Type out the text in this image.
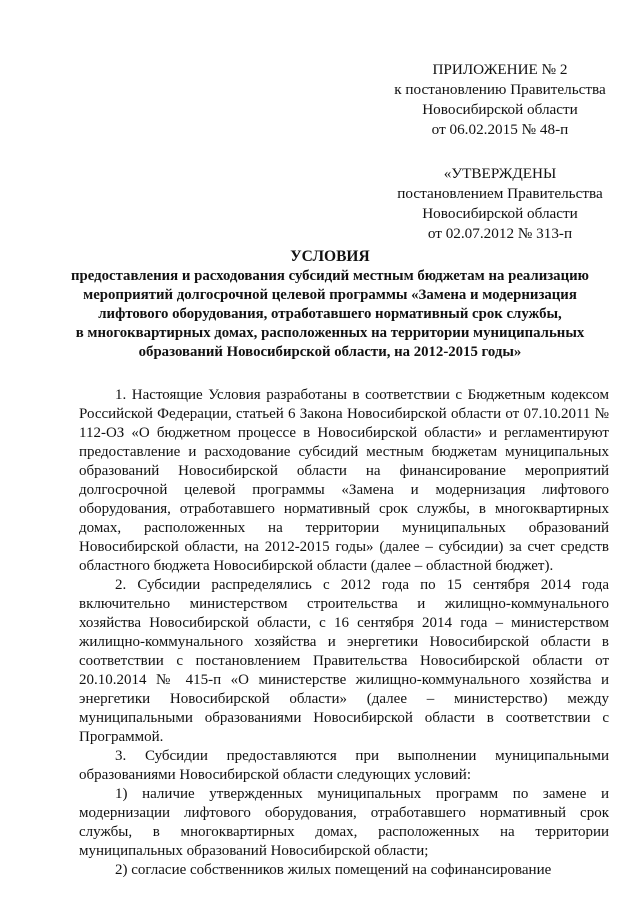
ПРИЛОЖЕНИЕ № 2
к постановлению Правительства
Новосибирской области
от 06.02.2015 № 48-п
«УТВЕРЖДЕНЫ
постановлением Правительства
Новосибирской области
от 02.07.2012 № 313-п
УСЛОВИЯ
предоставления и расходования субсидий местным бюджетам на реализацию
мероприятий долгосрочной целевой программы «Замена и модернизация
лифтового оборудования, отработавшего нормативный срок службы,
в многоквартирных домах, расположенных на территории муниципальных
образований Новосибирской области, на 2012-2015 годы»

1. Настоящие Условия разработаны в соответствии с Бюджетным кодексом Российской Федерации, статьей 6 Закона Новосибирской области от 07.10.2011 № 112-ОЗ «О бюджетном процессе в Новосибирской области» и регламентируют предоставление и расходование субсидий местным бюджетам муниципальных образований Новосибирской области на финансирование мероприятий долгосрочной целевой программы «Замена и модернизация лифтового оборудования, отработавшего нормативный срок службы, в многоквартирных домах, расположенных на территории муниципальных образований Новосибирской области, на 2012-2015 годы» (далее – субсидии) за счет средств областного бюджета Новосибирской области (далее – областной бюджет).

2. Субсидии распределялись с 2012 года по 15 сентября 2014 года включительно министерством строительства и жилищно-коммунального хозяйства Новосибирской области, с 16 сентября 2014 года – министерством жилищно-коммунального хозяйства и энергетики Новосибирской области в соответствии с постановлением Правительства Новосибирской области от 20.10.2014 № 415-п «О министерстве жилищно-коммунального хозяйства и энергетики Новосибирской области» (далее – министерство) между муниципальными образованиями Новосибирской области в соответствии с Программой.

3. Субсидии предоставляются при выполнении муниципальными образованиями Новосибирской области следующих условий:

1) наличие утвержденных муниципальных программ по замене и модернизации лифтового оборудования, отработавшего нормативный срок службы, в многоквартирных домах, расположенных на территории муниципальных образований Новосибирской области;

2) согласие собственников жилых помещений на софинансирование
